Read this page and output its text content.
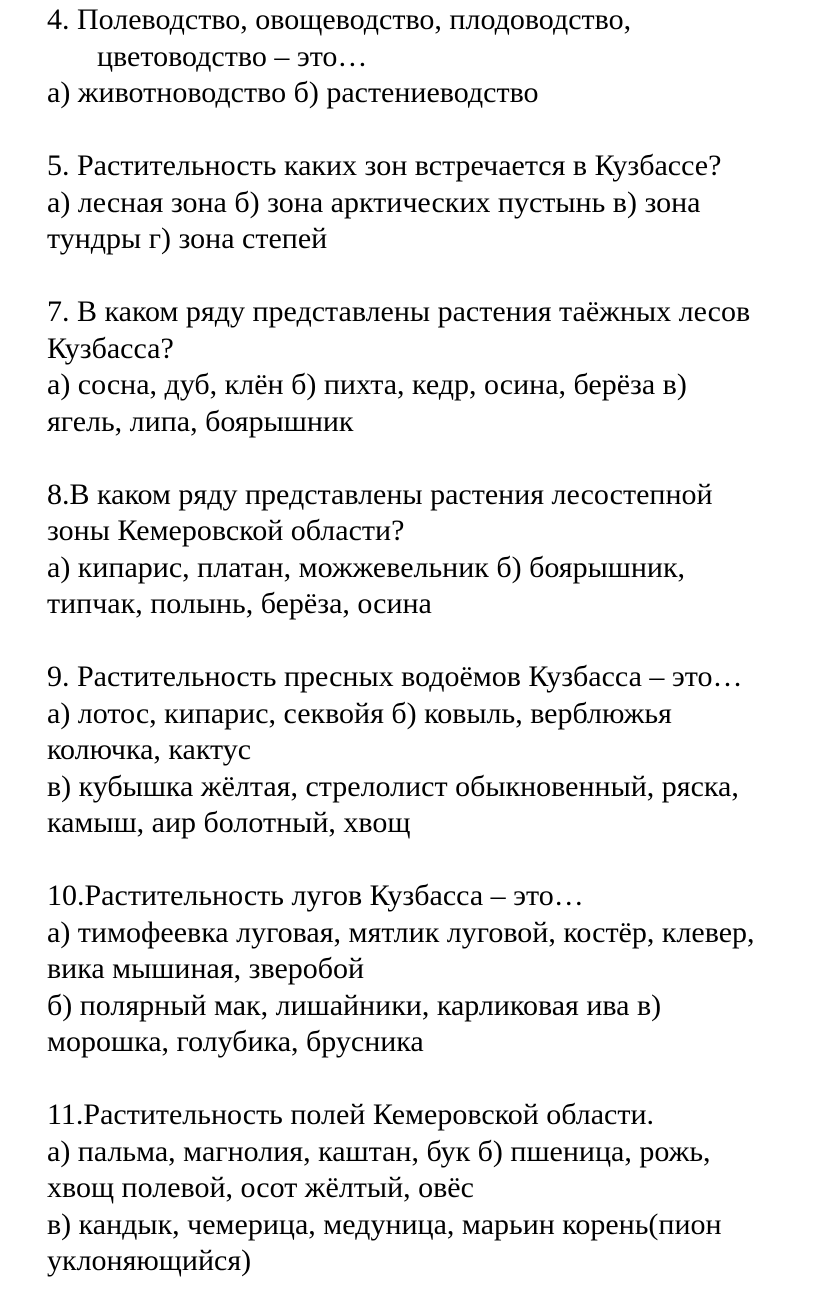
4. Полеводство, овощеводство, плодоводство,
цветоводство – это…
а) животноводство б) растениеводство
5. Растительность каких зон встречается в Кузбассе?
а) лесная зона б) зона арктических пустынь в) зона
тундры г) зона степей
7. В каком ряду представлены растения таёжных лесов
Кузбасса?
а) сосна, дуб, клён б) пихта, кедр, осина, берёза в)
ягель, липа, боярышник
8.В каком ряду представлены растения лесостепной
зоны Кемеровской области?
а) кипарис, платан, можжевельник б) боярышник,
типчак, полынь, берёза, осина
9. Растительность пресных водоёмов Кузбасса – это…
а) лотос, кипарис, секвойя б) ковыль, верблюжья
колючка, кактус
в) кубышка жёлтая, стрелолист обыкновенный, ряска,
камыш, аир болотный, хвощ
10.Растительность лугов Кузбасса – это…
а) тимофеевка луговая, мятлик луговой, костёр, клевер,
вика мышиная, зверобой
б) полярный мак, лишайники, карликовая ива в)
морошка, голубика, брусника
11.Растительность полей Кемеровской области.
а) пальма, магнолия, каштан, бук б) пшеница, рожь,
хвощ полевой, осот жёлтый, овёс
в) кандык, чемерица, медуница, марьин корень(пион
уклоняющийся)
